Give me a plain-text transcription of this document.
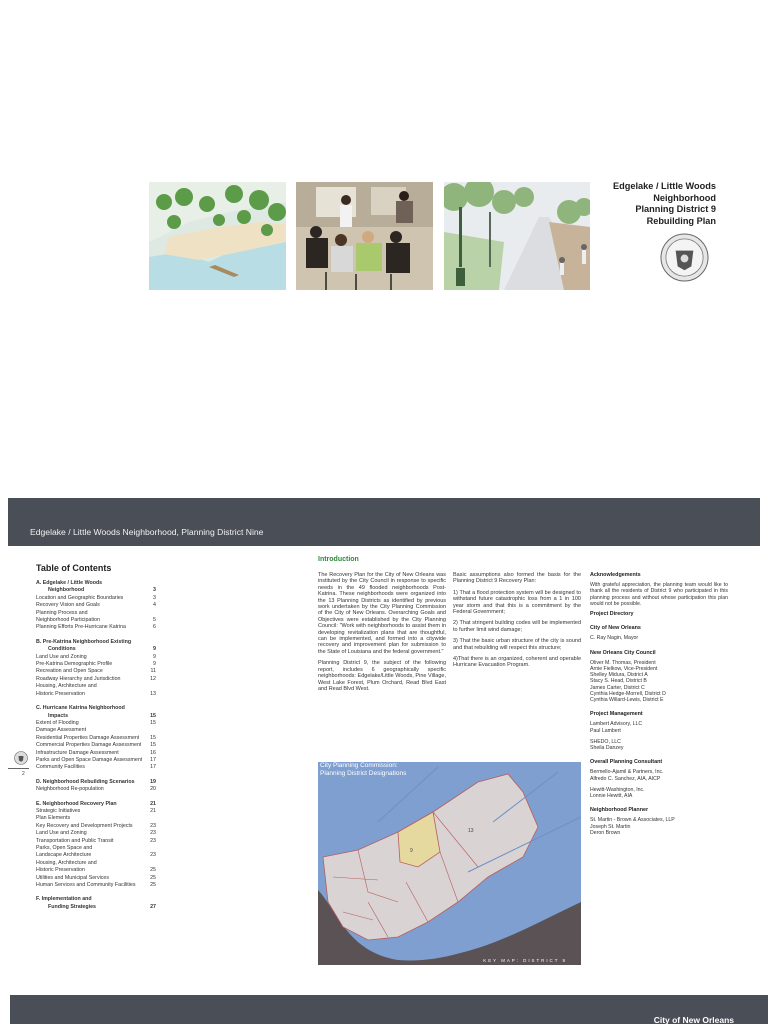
Edgelake / Little Woods
Neighborhood
Planning District 9
Rebuilding Plan
Edgelake / Little Woods Neighborhood, Planning District Nine
Table of Contents
A. Edgelake / Little Woods
Neighborhood	3
Location and Geographic Boundaries	3
Recovery Vision and Goals	4
Planning Process and
Neighborhood Participation	5
Planning Efforts Pre-Hurricane Katrina	6
B. Pre-Katrina Neighborhood Existing
Conditions	9
Land Use and Zoning	9
Pre-Katrina Demographic Profile	9
Recreation and Open Space	11
Roadway Hierarchy and Jurisdiction	12
Housing, Architecture and
Historic Preservation	13
C. Hurricane Katrina Neighborhood
Impacts	15
Extent of Flooding	15
Damage Assessment
Residential Properties Damage Assessment 15
Commercial Properties Damage Assessment 15
Infrastructure Damage Assessment	16
Parks and Open Space Damage Assessment 17
Community Facilities	17
D. Neighborhood Rebuilding Scenarios	19
Neighborhood Re-population	20
E. Neighborhood Recovery Plan	21
Strategic Initiatives	21
Plan Elements
Key Recovery and Development Projects	23
Land Use and Zoning	23
Transportation and Public Transit	23
Parks, Open Space and
Landscape Architecture	23
Housing, Architecture and
Historic Preservation	25
Utilities and Municipal Services	25
Human Services and Community Facilities	25
F. Implementation and
Funding Strategies	27
2
Introduction

The Recovery Plan for the City of New Orleans was instituted by the City Council in response to specific needs in the 49 flooded neighborhoods Post-Katrina. These neighborhoods were organized into the 13 Planning Districts as identified by previous work undertaken by the City Planning Commission of the City of New Orleans. Overarching Goals and Objectives were established by the City Planning Council: "Work with neighborhoods to assist them in developing revitalization plans that are thoughtful, can be implemented, and formed into a citywide recovery and improvement plan for submission to the State of Louisiana and the federal government."

Planning District 9, the subject of the following report, includes 6 geographically specific neighborhoods: Edgelake/Little Woods, Pine Village, West Lake Forest, Plum Orchard, Read Blvd East and Read Blvd West.

Basic assumptions also formed the basis for the Planning District 9 Recovery Plan:

1) That a flood protection system will be designed to withstand future catastrophic loss from a 1 in 100 year storm and that this is a commitment by the Federal Government;

2) That stringent building codes will be implemented to further limit wind damage;

3) That the basic urban structure of the city is sound and that rebuilding will respect this structure;

4)That there is an organized, coherent and operable Hurricane Evacuation Program.

Acknowledgements

With grateful appreciation, the planning team would like to thank all the residents of District 9 who participated in this planning process and without whose participation this plan would not be possible.

Project Directory
City of New Orleans
C. Ray Nagin, Mayor
New Orleans City Council
Oliver M. Thomas, President
Arnie Fielkow, Vice-President
Shelley Midura, District A
Stacy S. Head, District B
James Carter, District C
Cynthia Hedge-Morrell, District D
Cynthia Willard-Lewis, District E
Project Management
Lambert Advisory, LLC
Paul Lambert
SHEDO, LLC
Sheila Danzey
Overall Planning Consultant
Bermello-Ajamil & Partners, Inc.
Alfredo C. Sanchez, AIA, AICP
Hewitt-Washington, Inc.
Lonnie Hewitt, AIA
Neighborhood Planner
St. Martin - Brown & Associates, LLP
Joseph St. Martin
Deron Brown
9
13
City Planning Commission:
Planning District Designations
KEY MAP: DISTRICT 9
City of New Orleans
